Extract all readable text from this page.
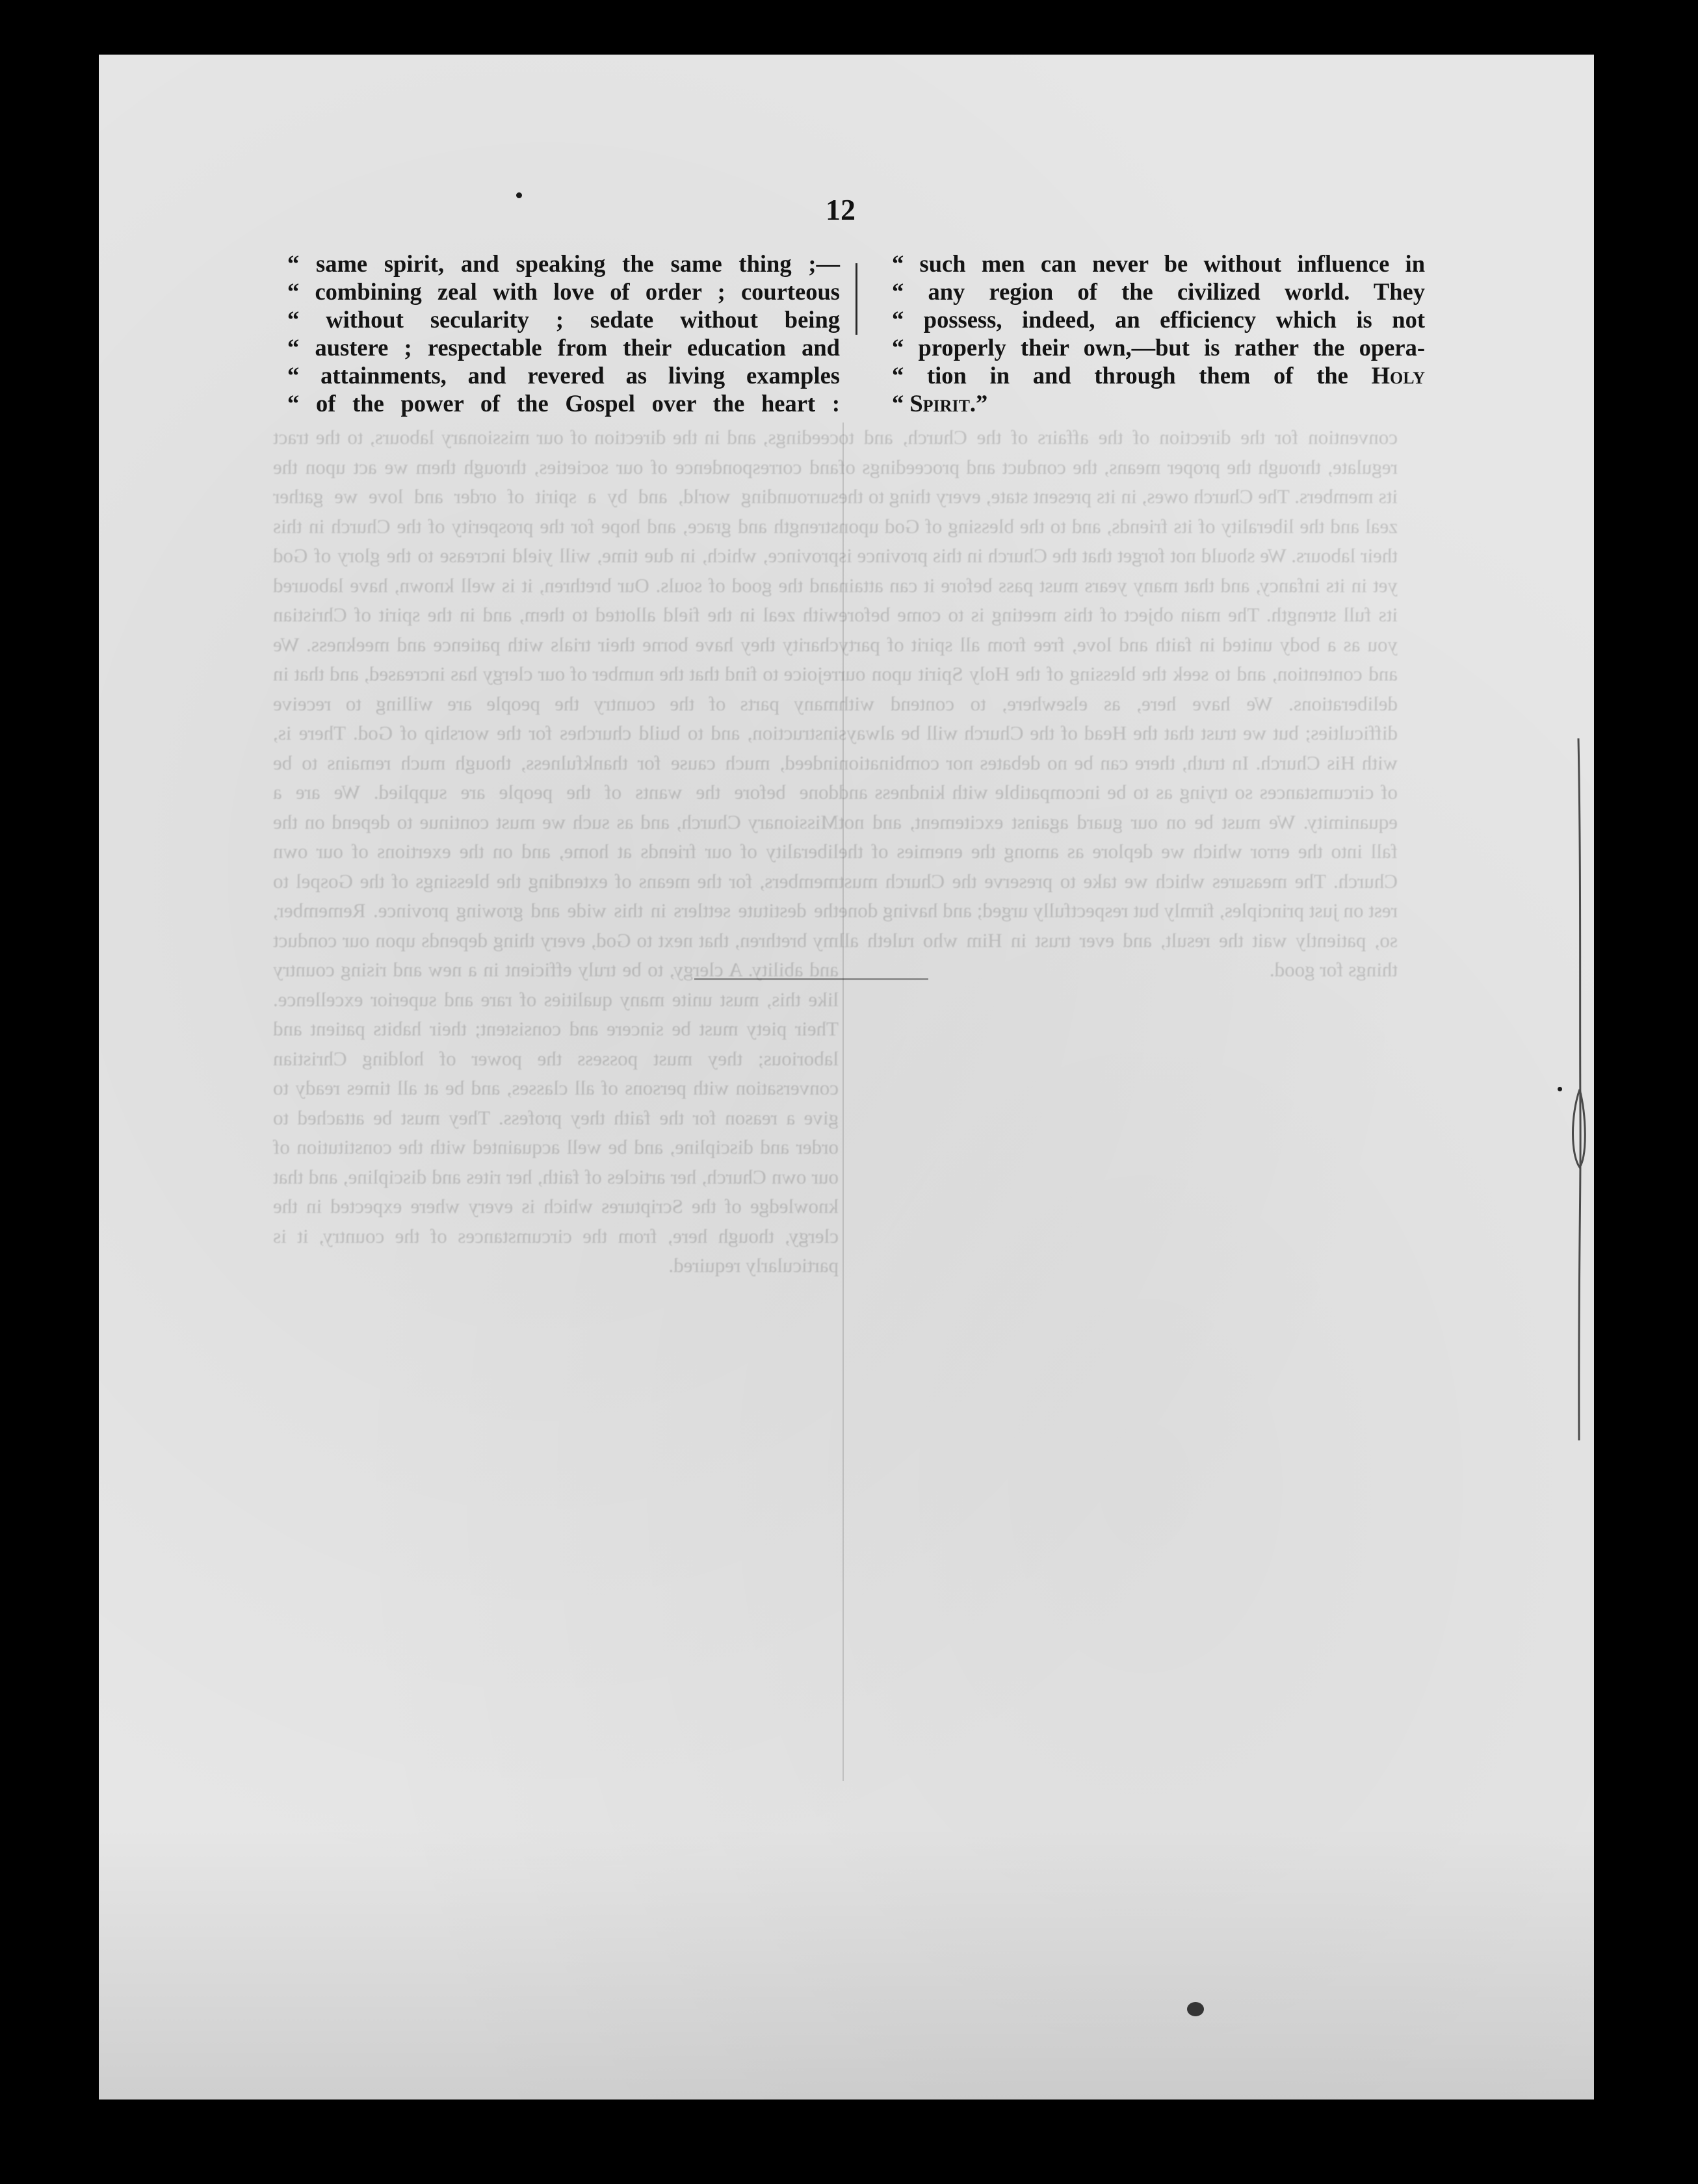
ceedings, and in the direction of our missionary labours, to the tract and correspondence of our societies, through them we act upon the surrounding world, and by a spirit of order and love we gather strength and grace, and hope for the prosperity of the Church in this province, which, in due time, will yield increase to the glory of God and the good of souls. Our brethren, it is well known, have laboured with zeal in the field allotted to them, and in the spirit of Christian charity they have borne their trials with patience and meekness. We rejoice to find that the number of our clergy has increased, and that in many parts of the country the people are willing to receive instruction, and to build churches for the worship of God. There is, indeed, much cause for thankfulness, though much remains to be done before the wants of the people are supplied. We are a Missionary Church, and as such we must continue to depend on the liberality of our friends at home, and on the exertions of our own members, for the means of extending the blessings of the Gospel to the destitute settlers in this wide and growing province. Remember, my brethren, that next to God, every thing depends upon our conduct and ability. A clergy, to be truly efficient in a new and rising country like this, must unite many qualities of rare and superior excellence. Their piety must be sincere and consistent; their habits patient and laborious; they must possess the power of holding Christian conversation with persons of all classes, and be at all times ready to give a reason for the faith they profess. They must be attached to order and discipline, and be well acquainted with the constitution of our own Church, her articles of faith, her rites and discipline, and that knowledge of the Scriptures which is every where expected in the clergy, though here, from the circumstances of the country, it is particularly required.
convention for the direction of the affairs of the Church, and to regulate, through the proper means, the conduct and proceedings of its members. The Church owes, in its present state, every thing to the zeal and the liberality of its friends, and to the blessing of God upon their labours. We should not forget that the Church in this province is yet in its infancy, and that many years must pass before it can attain its full strength. The main object of this meeting is to come before you as a body united in faith and love, free from all spirit of party and contention, and to seek the blessing of the Holy Spirit upon our deliberations. We have here, as elsewhere, to contend with difficulties; but we trust that the Head of the Church will be always with His Church. In truth, there can be no debates nor combination of circumstances so trying as to be incompatible with kindness and equanimity. We must be on our guard against excitement, and not fall into the error which we deplore as among the enemies of the Church. The measures which we take to preserve the Church must rest on just principles, firmly but respectfully urged; and having done so, patiently wait the result, and ever trust in Him who ruleth all things for good.
12
“ same spirit, and speaking the same thing ;—
“ combining zeal with love of order ; courteous
“ without secularity ; sedate without being
“ austere ; respectable from their education and
“ attainments, and revered as living examples
“ of the power of the Gospel over the heart :
“ such men can never be without influence in
“ any region of the civilized world. They
“ possess, indeed, an efficiency which is not
“ properly their own,—but is rather the opera-
“ tion in and through them of the Holy
“ Spirit.”
